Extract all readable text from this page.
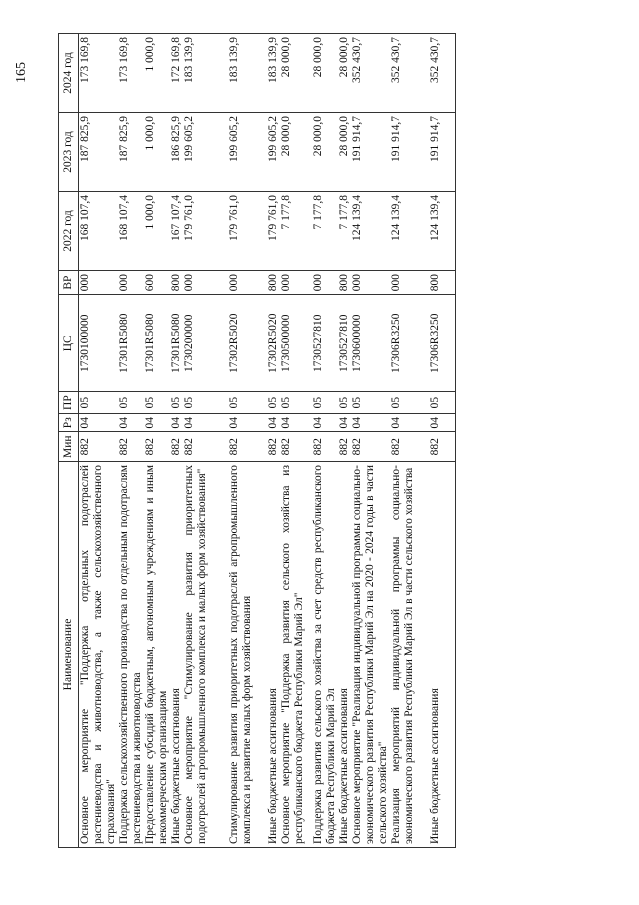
165
Наименование	Мин	Рз	ПР	ЦС	ВР	2022 год	2023 год	2024 год
Основное мероприятие "Поддержка отдельных подотраслей растениеводства и животноводства, а также сельскохозяйственного страхования"	882	04	05	1730100000	000	168 107,4	187 825,9	173 169,8
Поддержка сельскохозяйственного производства по отдельным подотраслям растениеводства и животноводства	882	04	05	17301R5080	000	168 107,4	187 825,9	173 169,8
Предоставление субсидий бюджетным, автономным учреждениям и иным некоммерческим организациям	882	04	05	17301R5080	600	1 000,0	1 000,0	1 000,0
Иные бюджетные ассигнования	882	04	05	17301R5080	800	167 107,4	186 825,9	172 169,8
Основное мероприятие "Стимулирование развития приоритетных подотраслей агропромышленного комплекса и малых форм хозяйствования"	882	04	05	1730200000	000	179 761,0	199 605,2	183 139,9
Стимулирование развития приоритетных подотраслей агропромышленного комплекса и развитие малых форм хозяйствования	882	04	05	17302R5020	000	179 761,0	199 605,2	183 139,9
Иные бюджетные ассигнования	882	04	05	17302R5020	800	179 761,0	199 605,2	183 139,9
Основное мероприятие "Поддержка развития сельского хозяйства из республиканского бюджета Республики Марий Эл"	882	04	05	1730500000	000	7 177,8	28 000,0	28 000,0
Поддержка развития сельского хозяйства за счет средств республиканского бюджета Республики Марий Эл	882	04	05	1730527810	000	7 177,8	28 000,0	28 000,0
Иные бюджетные ассигнования	882	04	05	1730527810	800	7 177,8	28 000,0	28 000,0
Основное мероприятие "Реализация индивидуальной программы социально-экономического развития Республики Марий Эл на 2020 - 2024 годы в части сельского хозяйства"	882	04	05	1730600000	000	124 139,4	191 914,7	352 430,7
Реализация мероприятий индивидуальной программы социально-экономического развития Республики Марий Эл в части сельского хозяйства	882	04	05	17306R3250	000	124 139,4	191 914,7	352 430,7
Иные бюджетные ассигнования	882	04	05	17306R3250	800	124 139,4	191 914,7	352 430,7
